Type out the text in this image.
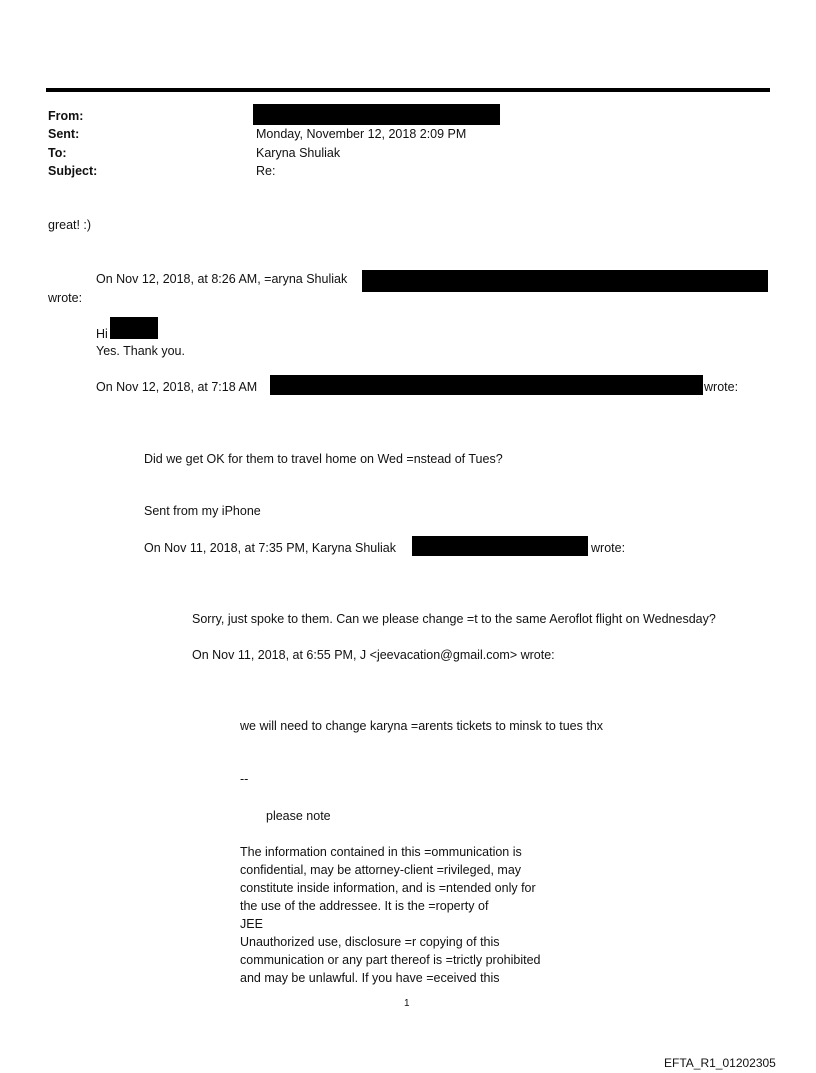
From:
Sent:	Monday, November 12, 2018 2:09 PM
To:	Karyna Shuliak
Subject:	Re:
great! :)
On Nov 12, 2018, at 8:26 AM, =aryna Shuliak
wrote:
Hi
Yes. Thank you.
On Nov 12, 2018, at 7:18 AM	wrote:
Did we get OK for them to travel home on Wed =nstead of Tues?
Sent from my iPhone
On Nov 11, 2018, at 7:35 PM, Karyna Shuliak	wrote:
Sorry, just spoke to them. Can we please change =t to the same Aeroflot flight on Wednesday?
On Nov 11, 2018, at 6:55 PM, J <jeevacation@gmail.com> wrote:
we will need to change karyna =arents tickets to minsk to tues thx
--
please note
The information contained in this =ommunication is
confidential, may be attorney-client =rivileged, may
constitute inside information, and is =ntended only for
the use of the addressee. It is the =roperty of
JEE
Unauthorized use, disclosure =r copying of this
communication or any part thereof is =trictly prohibited
and may be unlawful. If you have =eceived this
1
EFTA_R1_01202305
